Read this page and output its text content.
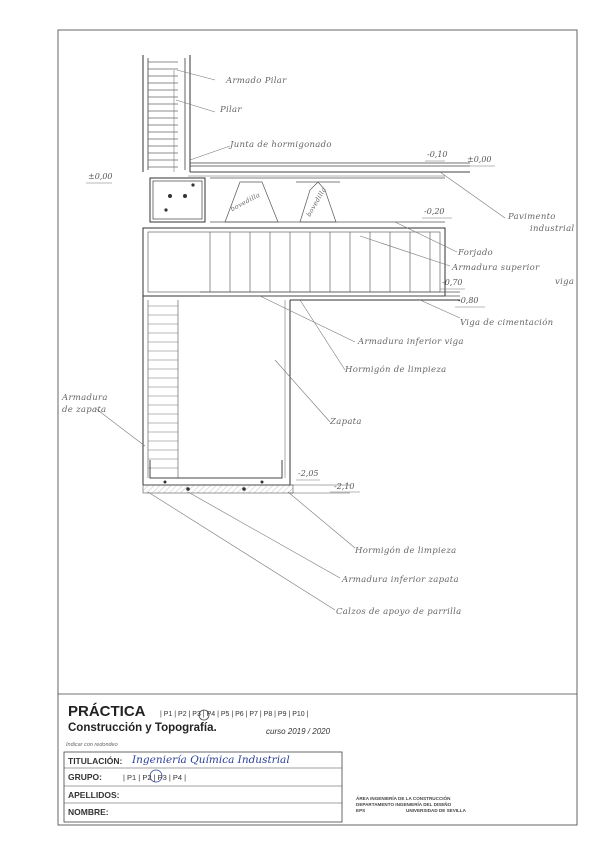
Armado Pilar
Pilar
Junta de hormigonado
Pavimento
industrial
Forjado
Armadura superior
viga
Viga de cimentación
Armadura inferior viga
Hormigón de limpieza
Armadura
de zapata
Zapata
Hormigón de limpieza
Armadura inferior zapata
Calzos de apoyo de parrilla
bovedilla	bovedilla
±0,00
-0,10
±0,00
-0,20
-0,70
-0,80
-2,05
-2,10
PRÁCTICA | P1 | P2 | P3 | P4 | P5 | P6 | P7 | P8 | P9 | P10 |
Construcción y Topografía.	curso 2019 / 2020
Indicar con redondeo
TITULACIÓN: Ingeniería Química Industrial
GRUPO:	| P1 | P2 | P3 | P4 |
APELLIDOS:
NOMBRE:
ÁREA INGENIERÍA DE LA CONSTRUCCIÓN
DEPARTAMENTO INGENIERÍA DEL DISEÑO
EPS	UNIVERSIDAD DE SEVILLA
